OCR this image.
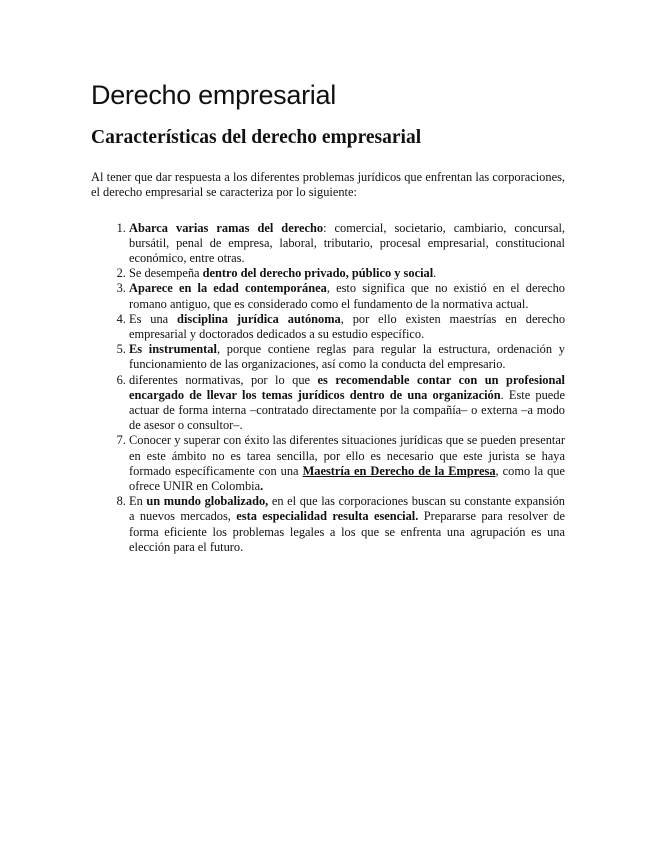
Derecho empresarial
Características del derecho empresarial

Al tener que dar respuesta a los diferentes problemas jurídicos que enfrentan las corporaciones, el derecho empresarial se caracteriza por lo siguiente:

1. Abarca varias ramas del derecho: comercial, societario, cambiario, concursal, bursátil, penal de empresa, laboral, tributario, procesal empresarial, constitucional económico, entre otras.
2. Se desempeña dentro del derecho privado, público y social.
3. Aparece en la edad contemporánea, esto significa que no existió en el derecho romano antiguo, que es considerado como el fundamento de la normativa actual.
4. Es una disciplina jurídica autónoma, por ello existen maestrías en derecho empresarial y doctorados dedicados a su estudio específico.
5. Es instrumental, porque contiene reglas para regular la estructura, ordenación y funcionamiento de las organizaciones, así como la conducta del empresario.
6. diferentes normativas, por lo que es recomendable contar con un profesional encargado de llevar los temas jurídicos dentro de una organización. Este puede actuar de forma interna –contratado directamente por la compañía– o externa –a modo de asesor o consultor–.
7. Conocer y superar con éxito las diferentes situaciones jurídicas que se pueden presentar en este ámbito no es tarea sencilla, por ello es necesario que este jurista se haya formado específicamente con una Maestría en Derecho de la Empresa, como la que ofrece UNIR en Colombia.
8. En un mundo globalizado, en el que las corporaciones buscan su constante expansión a nuevos mercados, esta especialidad resulta esencial. Prepararse para resolver de forma eficiente los problemas legales a los que se enfrenta una agrupación es una elección para el futuro.
